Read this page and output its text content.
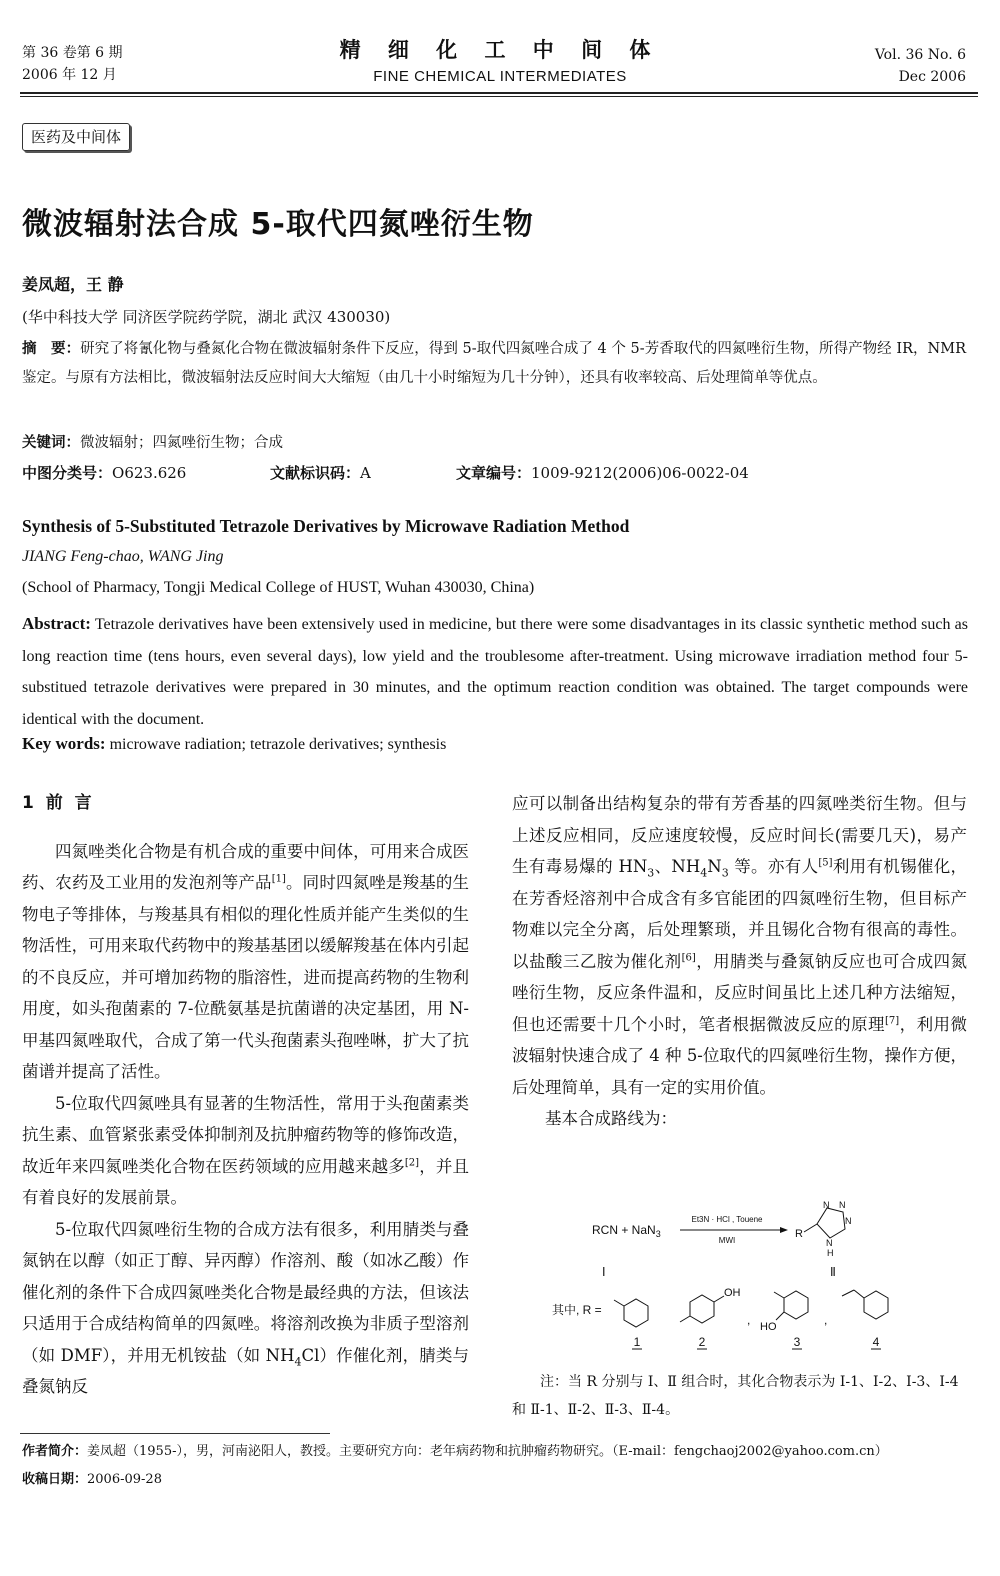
第 36 卷第 6 期
2006 年 12 月
精 细 化 工 中 间 体
FINE CHEMICAL INTERMEDIATES
Vol. 36 No. 6
Dec 2006
医药及中间体
微波辐射法合成 5-取代四氮唑衍生物
姜凤超，王 静
(华中科技大学 同济医学院药学院，湖北 武汉 430030)
摘　要：研究了将氰化物与叠氮化合物在微波辐射条件下反应，得到 5-取代四氮唑合成了 4 个 5-芳香取代的四氮唑衍生物，所得产物经 IR，NMR 鉴定。与原有方法相比，微波辐射法反应时间大大缩短（由几十小时缩短为几十分钟），还具有收率较高、后处理简单等优点。
关键词：微波辐射；四氮唑衍生物；合成
中图分类号：O623.626	文献标识码：A	文章编号：1009-9212(2006)06-0022-04
Synthesis of 5-Substituted Tetrazole Derivatives by Microwave Radiation Method
JIANG Feng-chao, WANG Jing
(School of Pharmacy, Tongji Medical College of HUST, Wuhan 430030, China)
Abstract: Tetrazole derivatives have been extensively used in medicine, but there were some disadvantages in its classic synthetic method such as long reaction time (tens hours, even several days), low yield and the troublesome after-treatment. Using microwave irradiation method four 5-substitued tetrazole derivatives were prepared in 30 minutes, and the optimum reaction condition was obtained. The target compounds were identical with the document.
Key words: microwave radiation; tetrazole derivatives; synthesis
1 前 言

四氮唑类化合物是有机合成的重要中间体，可用来合成医药、农药及工业用的发泡剂等产品[1]。同时四氮唑是羧基的生物电子等排体，与羧基具有相似的理化性质并能产生类似的生物活性，可用来取代药物中的羧基基团以缓解羧基在体内引起的不良反应，并可增加药物的脂溶性，进而提高药物的生物利用度，如头孢菌素的 7-位酰氨基是抗菌谱的决定基团，用 N-甲基四氮唑取代，合成了第一代头孢菌素头孢唑啉，扩大了抗菌谱并提高了活性。

5-位取代四氮唑具有显著的生物活性，常用于头孢菌素类抗生素、血管紧张素受体抑制剂及抗肿瘤药物等的修饰改造，故近年来四氮唑类化合物在医药领域的应用越来越多[2]，并且有着良好的发展前景。

5-位取代四氮唑衍生物的合成方法有很多，利用腈类与叠氮钠在以醇（如正丁醇、异丙醇）作溶剂、酸（如冰乙酸）作催化剂的条件下合成四氮唑类化合物是最经典的方法，但该法只适用于合成结构简单的四氮唑。将溶剂改换为非质子型溶剂（如 DMF），并用无机铵盐（如 $NH_4Cl$）作催化剂，腈类与叠氮钠反

应可以制备出结构复杂的带有芳香基的四氮唑类衍生物。但与上述反应相同，反应速度较慢，反应时间长(需要几天)，易产生有毒易爆的 $HN_3$、$NH_4N_3$ 等。亦有人[5]利用有机锡催化，在芳香烃溶剂中合成含有多官能团的四氮唑衍生物，但目标产物难以完全分离，后处理繁琐，并且锡化合物有很高的毒性。以盐酸三乙胺为催化剂[6]，用腈类与叠氮钠反应也可合成四氮唑衍生物，反应条件温和，反应时间虽比上述几种方法缩短，但也还需要十几个小时，笔者根据微波反应的原理[7]，利用微波辐射快速合成了 4 种 5-位取代的四氮唑衍生物，操作方便，后处理简单，具有一定的实用价值。

基本合成路线为：

RCN + NaN$_3$
Et3N · HCl , Touene
MWI
R
N N
N
N
H
Ⅰ	Ⅱ
其中, R =
1
OH
2
, HO
3
,
4
注：当 R 分别与 Ⅰ、Ⅱ 组合时，其化合物表示为 Ⅰ-1、Ⅰ-2、Ⅰ-3、Ⅰ-4 和 Ⅱ-1、Ⅱ-2、Ⅱ-3、Ⅱ-4。
作者简介：姜凤超（1955-），男，河南泌阳人，教授。主要研究方向：老年病药物和抗肿瘤药物研究。（E-mail：fengchaoj2002@yahoo.com.cn）
收稿日期：2006-09-28
